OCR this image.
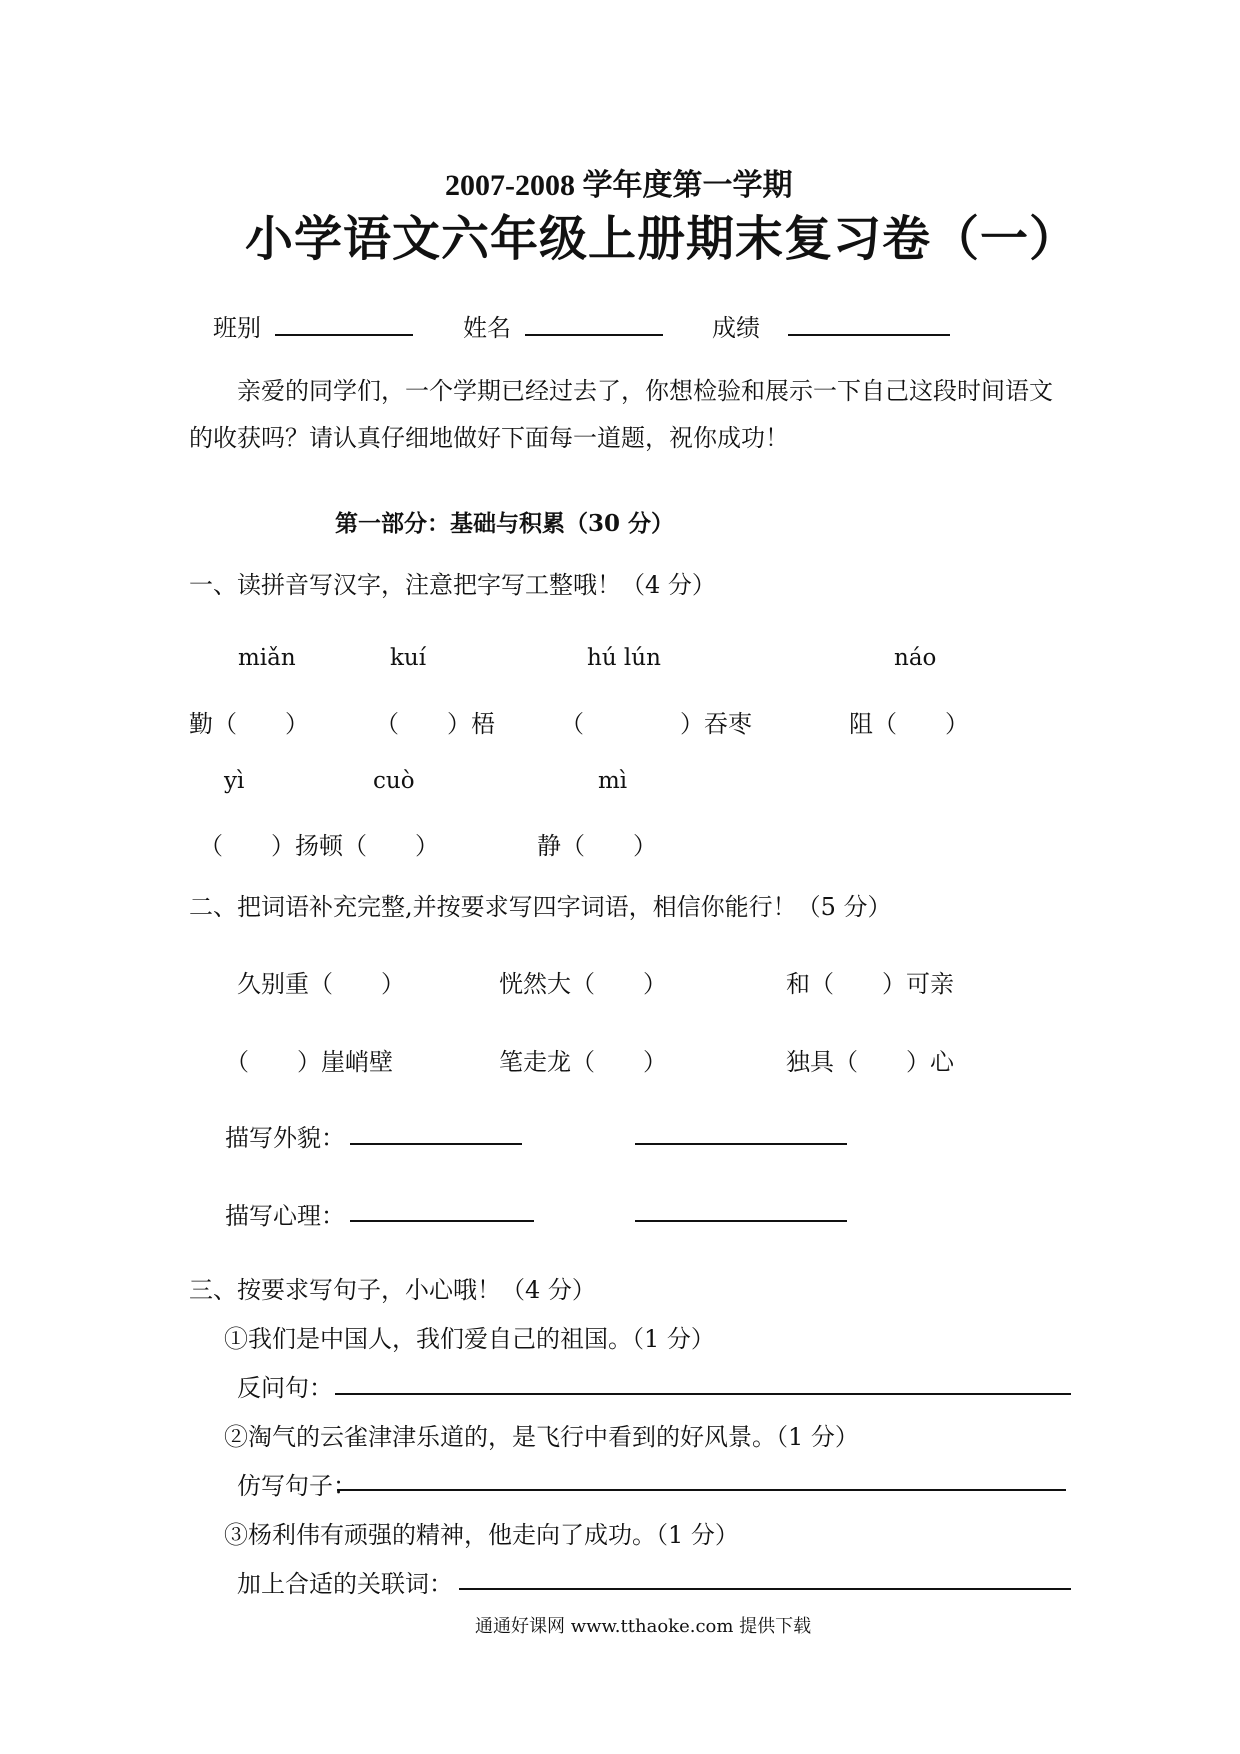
2007-2008 学年度第一学期
小学语文六年级上册期末复习卷（一）
班别	姓名	成绩
亲爱的同学们，一个学期已经过去了，你想检验和展示一下自己这段时间语文
的收获吗？请认真仔细地做好下面每一道题，祝你成功！
第一部分：基础与积累（30 分）
一、读拼音写汉字，注意把字写工整哦！（4 分）
miǎn	kuí	hú lún	náo
勤（　　）	（　　）梧	（　　　　）吞枣	阻（　　）
yì	cuò	mì
（　　）扬顿（　　）	静（　　）
二、把词语补充完整,并按要求写四字词语，相信你能行！（5 分）
久别重（　　）	恍然大（　　）	和（　　）可亲
（　　）崖峭壁	笔走龙（　　）	独具（　　）心
描写外貌：
描写心理：
三、按要求写句子，小心哦！（4 分）
①我们是中国人，我们爱自己的祖国。（1 分）
反问句：
②淘气的云雀津津乐道的，是飞行中看到的好风景。（1 分）
仿写句子：
③杨利伟有顽强的精神，他走向了成功。（1 分）
加上合适的关联词：
通通好课网 www.tthaoke.com 提供下载
